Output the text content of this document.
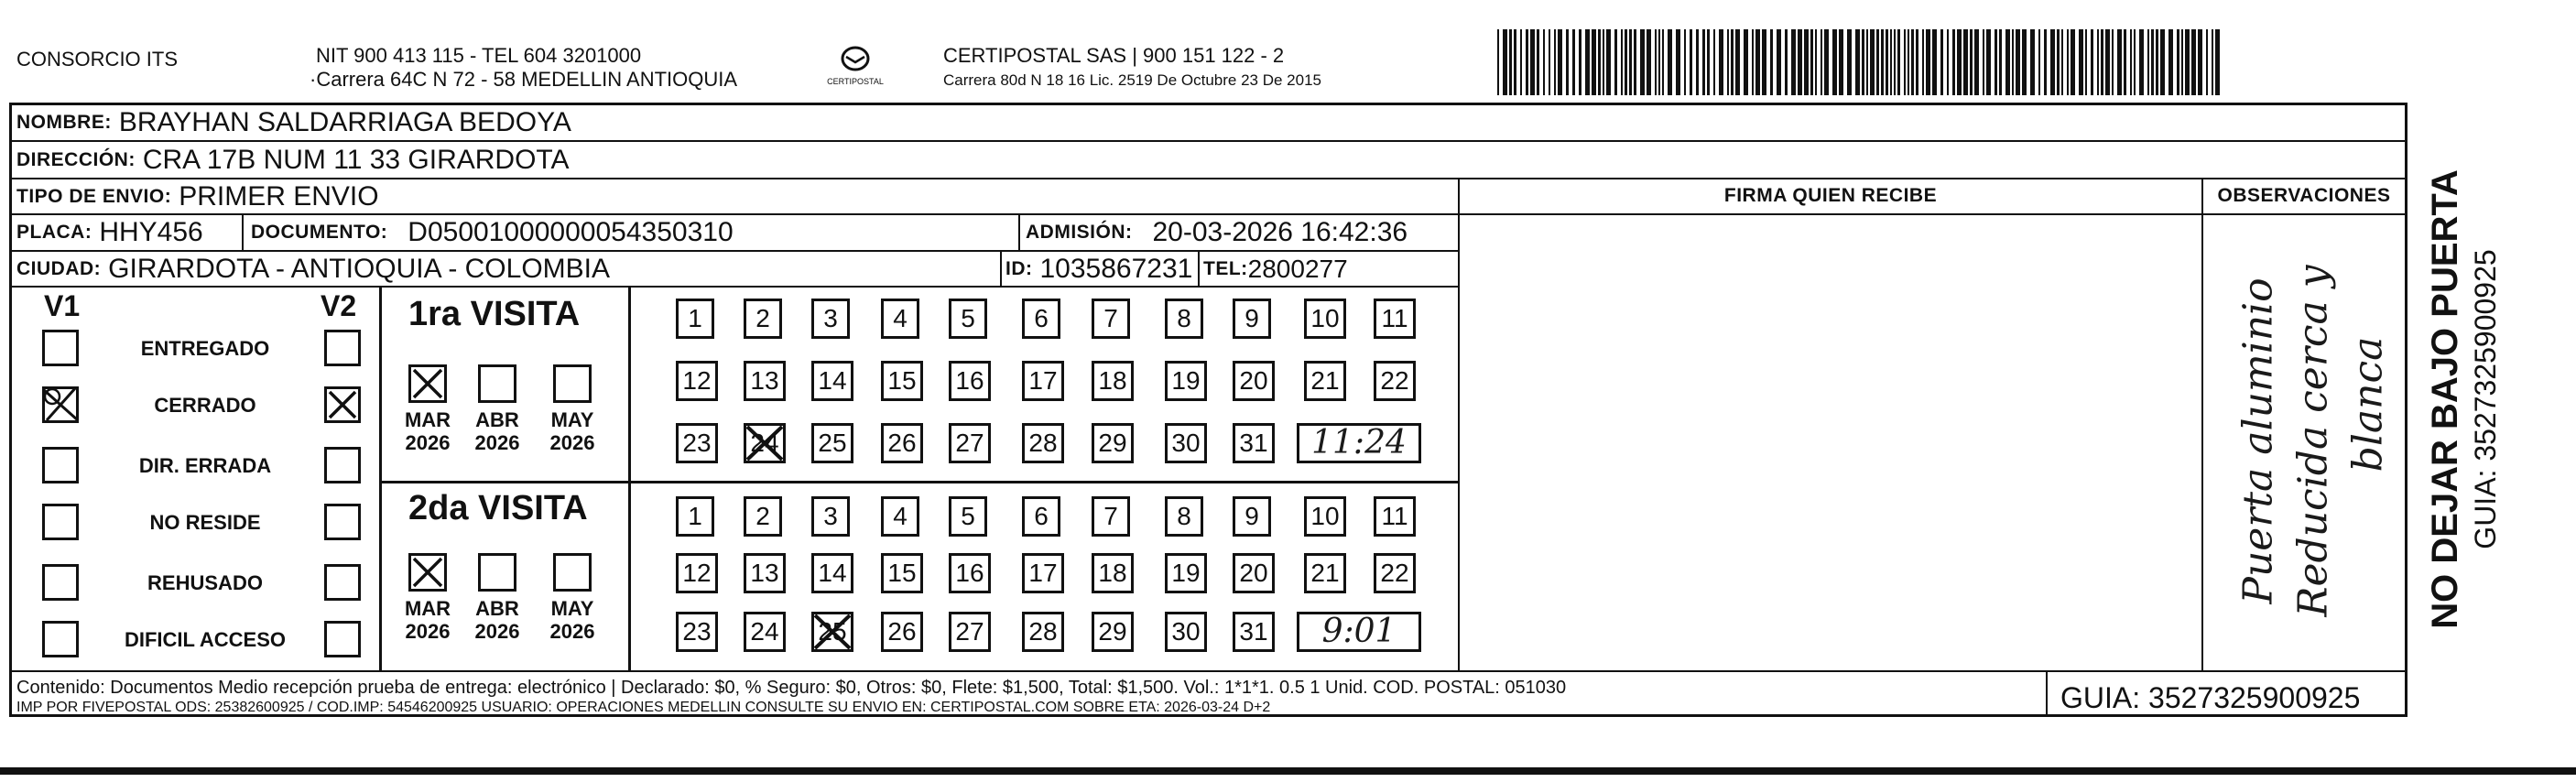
CONSORCIO ITS	NIT 900 413 115 - TEL 604 3201000
·Carrera 64C N 72 - 58 MEDELLIN ANTIOQUIA	CERTIPOSTAL
CERTIPOSTAL SAS | 900 151 122 - 2
Carrera 80d N 18 16 Lic. 2519 De Octubre 23 De 2015
NOMBRE: BRAYHAN SALDARRIAGA BEDOYA
DIRECCIÓN: CRA 17B NUM 11 33 GIRARDOTA
TIPO DE ENVIO: PRIMER ENVIO	FIRMA QUIEN RECIBE	OBSERVACIONES
PLACA: HHY456 DOCUMENTO: D05001000000054350310	ADMISIÓN: 20-03-2026 16:42:36
CIUDAD: GIRARDOTA - ANTIOQUIA - COLOMBIA	ID: 1035867231 TEL: 2800277
V1	V2
ENTREGADO
CERRADO
DIR. ERRADA
NO RESIDE
REHUSADO
DIFICIL ACCESO
1ra VISITA
MAR
2026
ABR
2026
MAY
2026
1	2	3	4	5	6	7	8	9	10	11
12 13 14 15 16 17 18 19 20 21 22
23 24 25 26 27 28 29 30 31	11:24
2da VISITA
MAR
2026
ABR
2026
MAY
2026
1	2	3	4	5	6	7	8	9	10	11
12 13 14 15 16 17 18 19 20 21 22
23 24 25 26 27 28 29 30 31	9:01
Puerta aluminio Reducida cerca y blanca NO DEJAR BAJO PUERTA GUIA: 3527325900925
Contenido: Documentos Medio recepción prueba de entrega: electrónico | Declarado: $0, % Seguro: $0, Otros: $0, Flete: $1,500, Total: $1,500. Vol.: 1*1*1. 0.5 1 Unid. COD. POSTAL: 051030
IMP POR FIVEPOSTAL ODS: 25382600925 / COD.IMP: 54546200925 USUARIO: OPERACIONES MEDELLIN CONSULTE SU ENVIO EN: CERTIPOSTAL.COM SOBRE ETA: 2026-03-24 D+2	GUIA: 3527325900925
